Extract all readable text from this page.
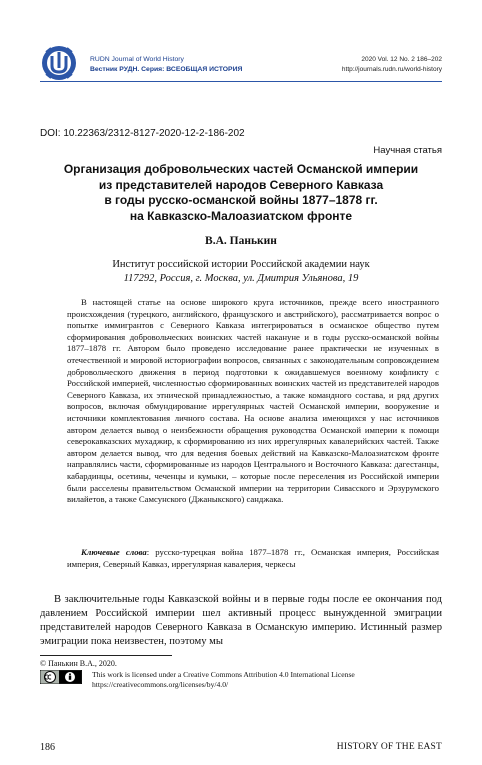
RUDN Journal of World History
Вестник РУДН. Серия: ВСЕОБЩАЯ ИСТОРИЯ
2020 Vol. 12 No. 2 186–202
http://journals.rudn.ru/world-history
DOI: 10.22363/2312-8127-2020-12-2-186-202
Научная статья
Организация добровольческих частей Османской империи
из представителей народов Северного Кавказа
в годы русско-османской войны 1877–1878 гг.
на Кавказско-Малоазиатском фронте
В.А. Панькин
Институт российской истории Российской академии наук
117292, Россия, г. Москва, ул. Дмитрия Ульянова, 19

В настоящей статье на основе широкого круга источников, прежде всего иностранного происхождения (турецкого, английского, французского и австрийского), рассматривается вопрос о попытке иммигрантов с Северного Кавказа интегрироваться в османское общество путем сформирования добровольческих воинских частей накануне и в годы русско-османской войны 1877–1878 гг. Автором было проведено исследование ранее практически не изученных в отечественной и мировой историографии вопросов, связанных с законодательным сопровождением добровольческого движения в период подготовки к ожидавшемуся военному конфликту с Российской империей, численностью сформированных воинских частей из представителей народов Северного Кавказа, их этнической принадлежностью, а также командного состава, и ряд других вопросов, включая обмундирование иррегулярных частей Османской империи, вооружение и источники комплектования личного состава. На основе анализа имеющихся у нас источников автором делается вывод о неизбежности обращения руководства Османской империи к помощи северокавказских мухаджир, к сформированию из них иррегулярных кавалерийских частей. Также автором делается вывод, что для ведения боевых действий на Кавказско-Малоазиатском фронте направлялись части, сформированные из народов Центрального и Восточного Кавказа: дагестанцы, кабардинцы, осетины, чеченцы и кумыки, – которые после переселения из Российской империи были расселены правительством Османской империи на территории Сивасского и Эрзурумского вилайетов, а также Самсунского (Джаныкского) санджака.

Ключевые слова: русско-турецкая война 1877–1878 гг., Османская империя, Российская империя, Северный Кавказ, иррегулярная кавалерия, черкесы

В заключительные годы Кавказской войны и в первые годы после ее окончания под давлением Российской империи шел активный процесс вынужденной эмиграции представителей народов Северного Кавказа в Османскую империю. Истинный размер эмиграции пока неизвестен, поэтому мы

© Панькин В.А., 2020.
This work is licensed under a Creative Commons Attribution 4.0 International License
https://creativecommons.org/licenses/by/4.0/
186	HISTORY OF THE EAST
